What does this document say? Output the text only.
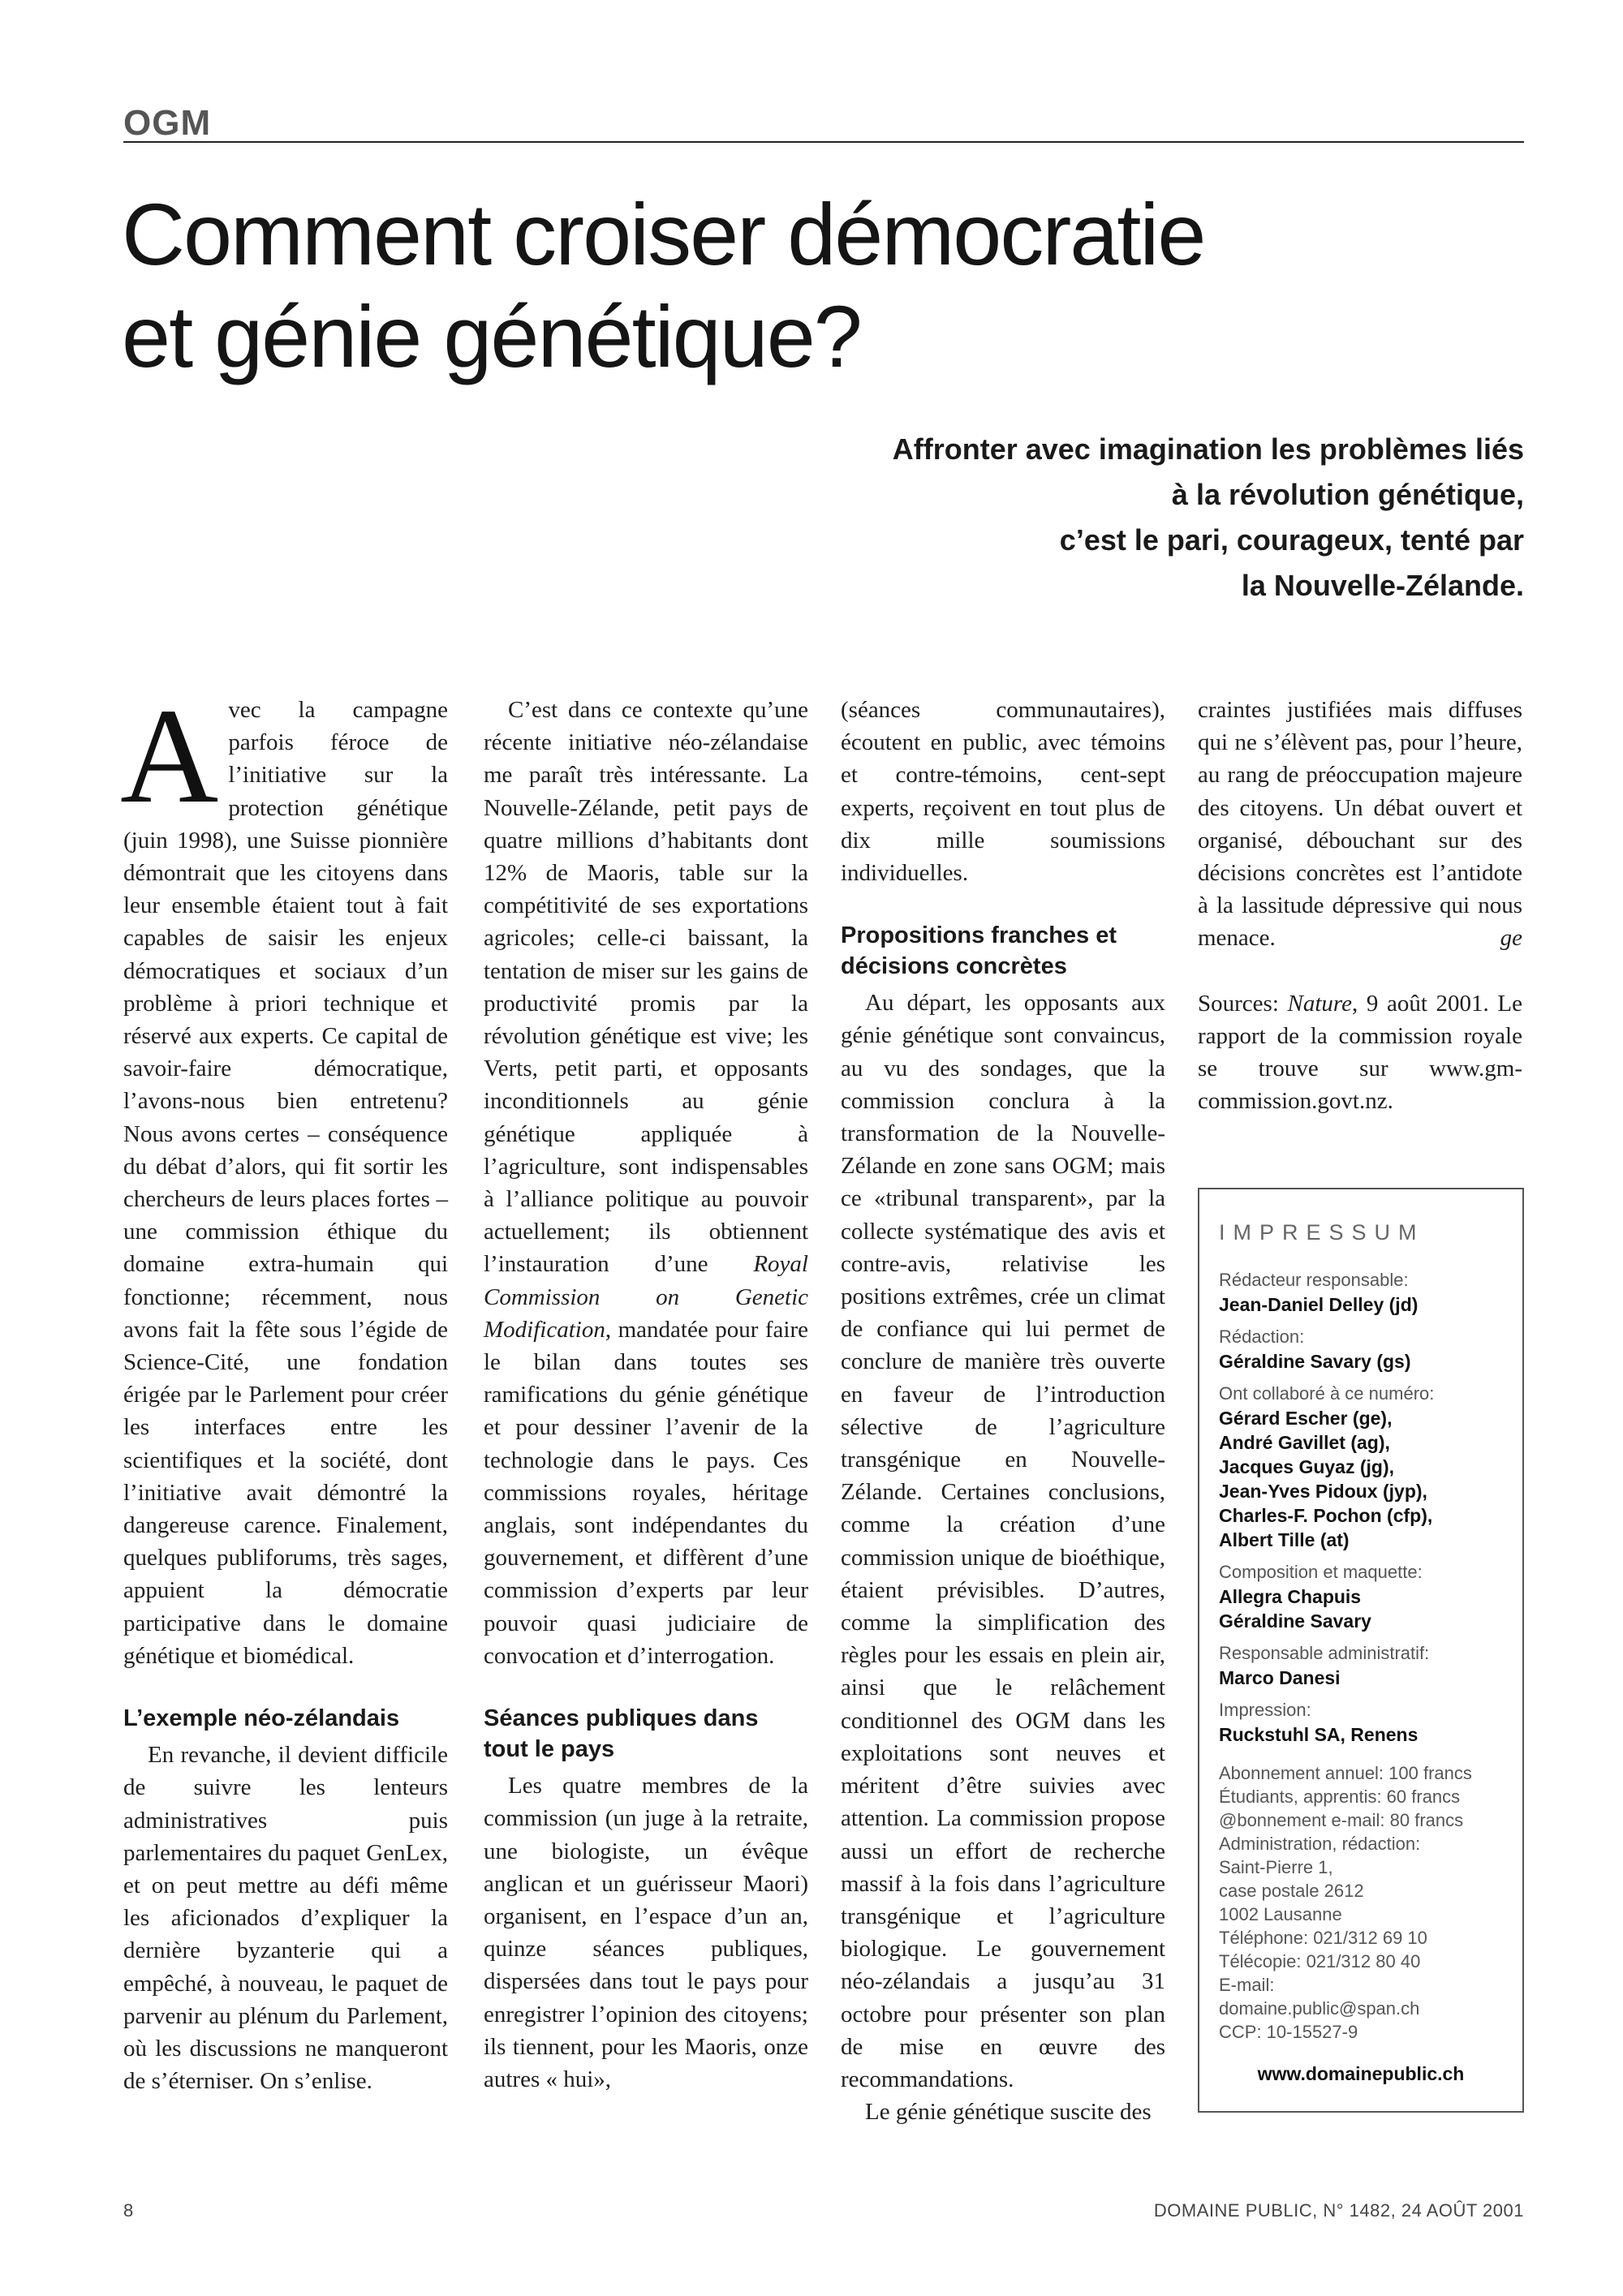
OGM
Comment croiser démocratie
et génie génétique?
Affronter avec imagination les problèmes liés
à la révolution génétique,
c’est le pari, courageux, tenté par
la Nouvelle-Zélande.

Avec la campagne parfois féroce de l’initiative sur la protection génétique (juin 1998), une Suisse pionnière démontrait que les citoyens dans leur ensemble étaient tout à fait capables de saisir les enjeux démocratiques et sociaux d’un problème à priori technique et réservé aux experts. Ce capital de savoir-faire démocratique, l’avons-nous bien entretenu? Nous avons certes – conséquence du débat d’alors, qui fit sortir les chercheurs de leurs places fortes – une commission éthique du domaine extra-humain qui fonctionne; récemment, nous avons fait la fête sous l’égide de Science-Cité, une fondation érigée par le Parlement pour créer les interfaces entre les scientifiques et la société, dont l’initiative avait démontré la dangereuse carence. Finalement, quelques publiforums, très sages, appuient la démocratie participative dans le domaine génétique et biomédical.

L’exemple néo-zélandais

En revanche, il devient difficile de suivre les lenteurs administratives puis parlementaires du paquet GenLex, et on peut mettre au défi même les aficionados d’expliquer la dernière byzanterie qui a empêché, à nouveau, le paquet de parvenir au plénum du Parlement, où les discussions ne manqueront de s’éterniser. On s’enlise.

C’est dans ce contexte qu’une récente initiative néo-zélandaise me paraît très intéressante. La Nouvelle-Zélande, petit pays de quatre millions d’habitants dont 12% de Maoris, table sur la compétitivité de ses exportations agricoles; celle-ci baissant, la tentation de miser sur les gains de productivité promis par la révolution génétique est vive; les Verts, petit parti, et opposants inconditionnels au génie génétique appliquée à l’agriculture, sont indispensables à l’alliance politique au pouvoir actuellement; ils obtiennent l’instauration d’une Royal Commission on Genetic Modification, mandatée pour faire le bilan dans toutes ses ramifications du génie génétique et pour dessiner l’avenir de la technologie dans le pays. Ces commissions royales, héritage anglais, sont indépendantes du gouvernement, et diffèrent d’une commission d’experts par leur pouvoir quasi judiciaire de convocation et d’interrogation.

Séances publiques dans tout le pays

Les quatre membres de la commission (un juge à la retraite, une biologiste, un évêque anglican et un guérisseur Maori) organisent, en l’espace d’un an, quinze séances publiques, dispersées dans tout le pays pour enregistrer l’opinion des citoyens; ils tiennent, pour les Maoris, onze autres « hui»,

(séances communautaires), écoutent en public, avec témoins et contre-témoins, cent-sept experts, reçoivent en tout plus de dix mille soumissions individuelles.

Propositions franches et décisions concrètes

Au départ, les opposants aux génie génétique sont convaincus, au vu des sondages, que la commission conclura à la transformation de la Nouvelle-Zélande en zone sans OGM; mais ce «tribunal transparent», par la collecte systématique des avis et contre-avis, relativise les positions extrêmes, crée un climat de confiance qui lui permet de conclure de manière très ouverte en faveur de l’introduction sélective de l’agriculture transgénique en Nouvelle-Zélande. Certaines conclusions, comme la création d’une commission unique de bioéthique, étaient prévisibles. D’autres, comme la simplification des règles pour les essais en plein air, ainsi que le relâchement conditionnel des OGM dans les exploitations sont neuves et méritent d’être suivies avec attention. La commission propose aussi un effort de recherche massif à la fois dans l’agriculture transgénique et l’agriculture biologique. Le gouvernement néo-zélandais a jusqu’au 31 octobre pour présenter son plan de mise en œuvre des recommandations.

Le génie génétique suscite des

craintes justifiées mais diffuses qui ne s’élèvent pas, pour l’heure, au rang de préoccupation majeure des citoyens. Un débat ouvert et organisé, débouchant sur des décisions concrètes est l’antidote à la lassitude dépressive qui nous menace.	ge

Sources: Nature, 9 août 2001. Le rapport de la commission royale se trouve sur www.gm-commission.govt.nz.

IMPRESSUM
Rédacteur responsable:
Jean-Daniel Delley (jd)
Rédaction:
Géraldine Savary (gs)
Ont collaboré à ce numéro:
Gérard Escher (ge),
André Gavillet (ag),
Jacques Guyaz (jg),
Jean-Yves Pidoux (jyp),
Charles-F. Pochon (cfp),
Albert Tille (at)
Composition et maquette:
Allegra Chapuis
Géraldine Savary
Responsable administratif:
Marco Danesi
Impression:
Ruckstuhl SA, Renens
Abonnement annuel: 100 francs
Étudiants, apprentis: 60 francs
@bonnement e-mail: 80 francs
Administration, rédaction:
Saint-Pierre 1,
case postale 2612
1002 Lausanne
Téléphone: 021/312 69 10
Télécopie: 021/312 80 40
E-mail:
domaine.public@span.ch
CCP: 10-15527-9
www.domainepublic.ch
8	DOMAINE PUBLIC, N° 1482, 24 AOÛT 2001
